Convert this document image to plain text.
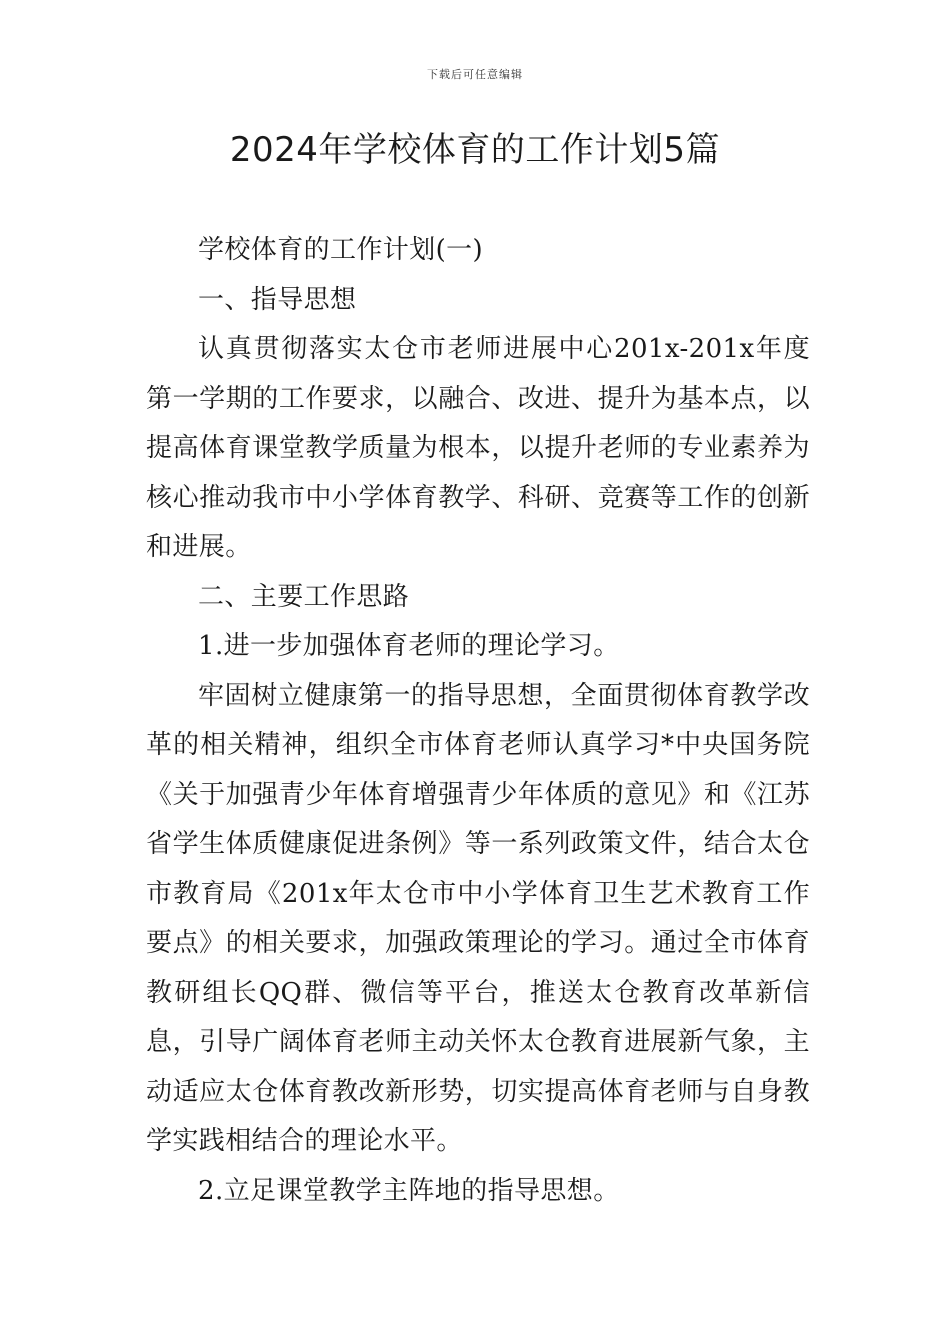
下载后可任意编辑
2024年学校体育的工作计划5篇

学校体育的工作计划(一)

一、指导思想

认真贯彻落实太仓市老师进展中心201x-201x年度第一学期的工作要求，以融合、改进、提升为基本点，以提高体育课堂教学质量为根本，以提升老师的专业素养为核心推动我市中小学体育教学、科研、竞赛等工作的创新和进展。

二、主要工作思路

1.进一步加强体育老师的理论学习。

牢固树立健康第一的指导思想，全面贯彻体育教学改革的相关精神，组织全市体育老师认真学习*中央国务院《关于加强青少年体育增强青少年体质的意见》和《江苏省学生体质健康促进条例》等一系列政策文件，结合太仓市教育局《201x年太仓市中小学体育卫生艺术教育工作要点》的相关要求，加强政策理论的学习。通过全市体育教研组长QQ群、微信等平台，推送太仓教育改革新信息，引导广阔体育老师主动关怀太仓教育进展新气象，主动适应太仓体育教改新形势，切实提高体育老师与自身教学实践相结合的理论水平。

2.立足课堂教学主阵地的指导思想。
